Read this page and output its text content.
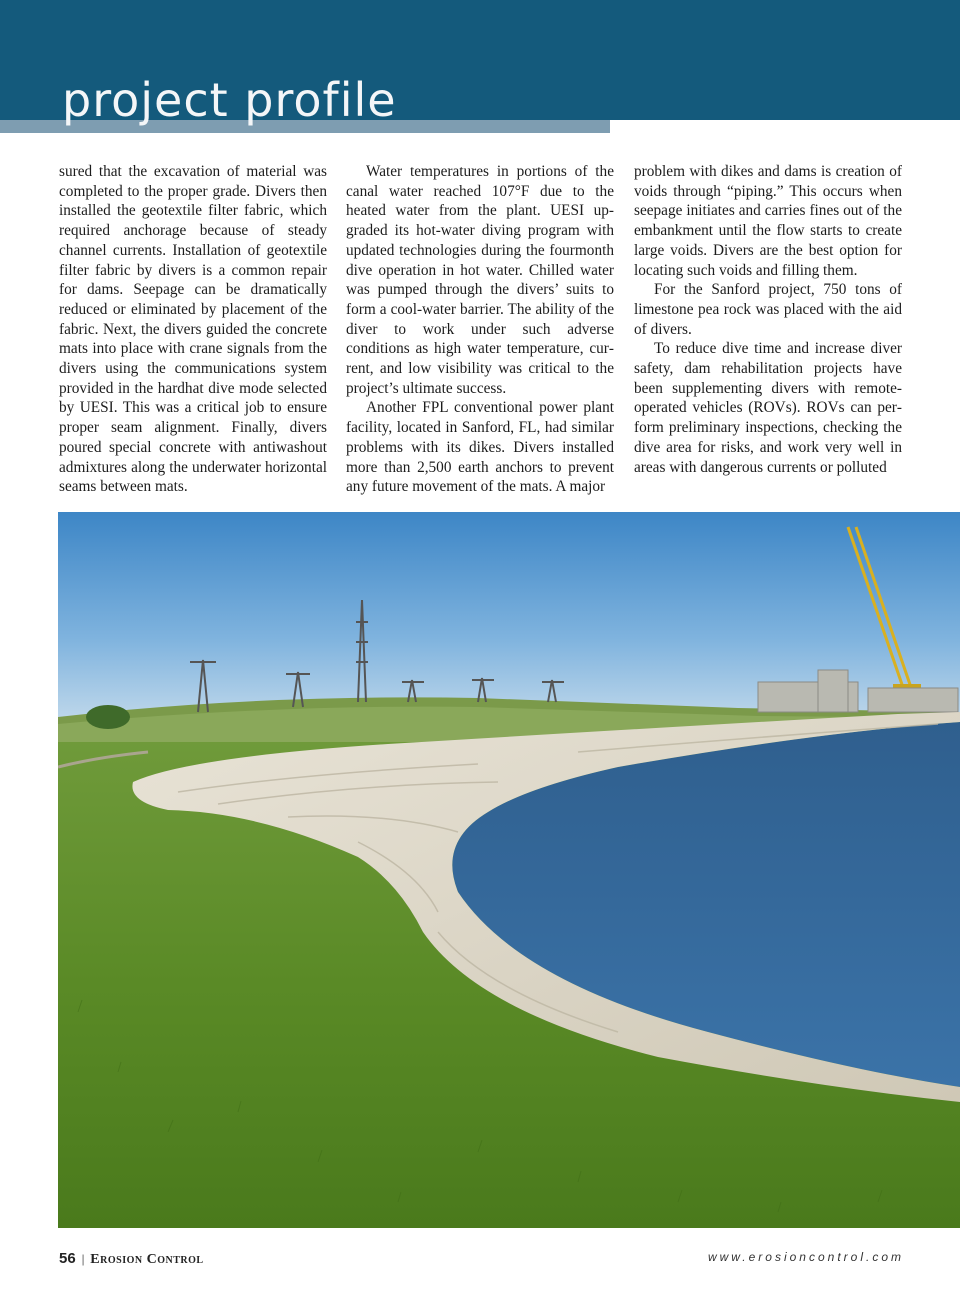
project profile

sured that the excavation of material was completed to the proper grade. Divers then installed the geotextile filter fabric, which required anchorage because of steady channel currents. Installation of geotextile filter fabric by divers is a common repair for dams. Seepage can be dramatically reduced or eliminated by placement of the fabric. Next, the divers guided the concrete mats into place with crane signals from the divers using the communications system provided in the hardhat dive mode selected by UESI. This was a critical job to ensure proper seam alignment. Finally, divers poured special concrete with antiwashout admixtures along the underwater horizontal seams between mats.

Water temperatures in portions of the canal water reached 107°F due to the heated water from the plant. UESI upgraded its hot-water diving program with updated technologies during the fourmonth dive operation in hot water. Chilled water was pumped through the divers’ suits to form a cool-water barrier. The ability of the diver to work under such adverse conditions as high water temperature, current, and low visibility was critical to the project’s ultimate success.

Another FPL conventional power plant facility, located in Sanford, FL, had similar problems with its dikes. Divers installed more than 2,500 earth anchors to prevent any future movement of the mats. A major

problem with dikes and dams is creation of voids through “piping.” This occurs when seepage initiates and carries fines out of the embankment until the flow starts to create large voids. Divers are the best option for locating such voids and filling them.

For the Sanford project, 750 tons of limestone pea rock was placed with the aid of divers.

To reduce dive time and increase diver safety, dam rehabilitation projects have been supplementing divers with remoteoperated vehicles (ROVs). ROVs can perform preliminary inspections, checking the dive area for risks, and work very well in areas with dangerous currents or polluted

56 | Erosion Control	www.erosioncontrol.com
